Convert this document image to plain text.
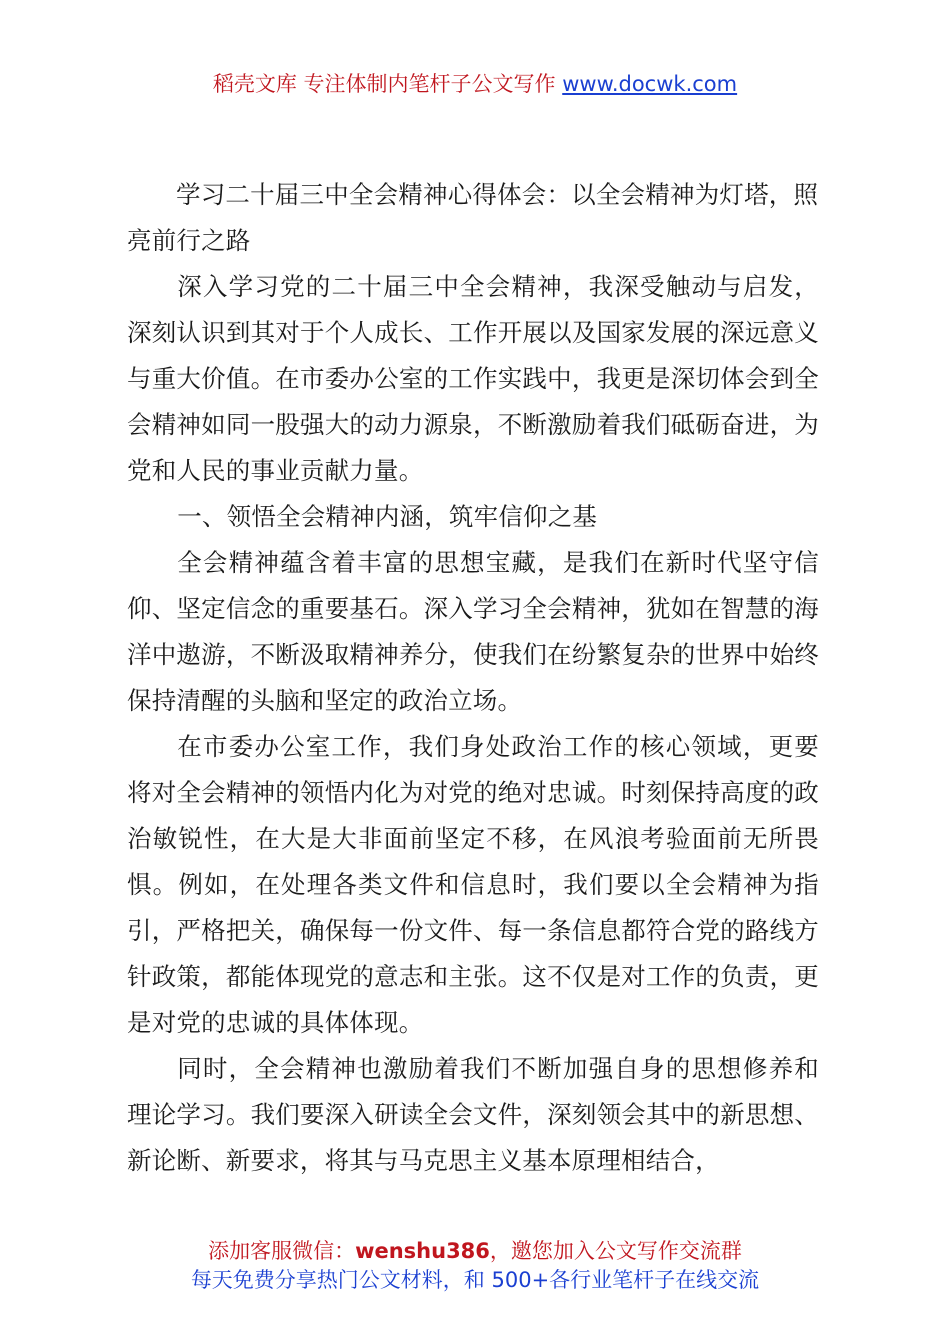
稻壳文库 专注体制内笔杆子公文写作 www.docwk.com

学习二十届三中全会精神心得体会：以全会精神为灯塔，照亮前行之路

深入学习党的二十届三中全会精神，我深受触动与启发，深刻认识到其对于个人成长、工作开展以及国家发展的深远意义与重大价值。在市委办公室的工作实践中，我更是深切体会到全会精神如同一股强大的动力源泉，不断激励着我们砥砺奋进，为党和人民的事业贡献力量。

一、领悟全会精神内涵，筑牢信仰之基

全会精神蕴含着丰富的思想宝藏，是我们在新时代坚守信仰、坚定信念的重要基石。深入学习全会精神，犹如在智慧的海洋中遨游，不断汲取精神养分，使我们在纷繁复杂的世界中始终保持清醒的头脑和坚定的政治立场。

在市委办公室工作，我们身处政治工作的核心领域，更要将对全会精神的领悟内化为对党的绝对忠诚。时刻保持高度的政治敏锐性，在大是大非面前坚定不移，在风浪考验面前无所畏惧。例如，在处理各类文件和信息时，我们要以全会精神为指引，严格把关，确保每一份文件、每一条信息都符合党的路线方针政策，都能体现党的意志和主张。这不仅是对工作的负责，更是对党的忠诚的具体体现。

同时，全会精神也激励着我们不断加强自身的思想修养和理论学习。我们要深入研读全会文件，深刻领会其中的新思想、新论断、新要求，将其与马克思主义基本原理相结合，

添加客服微信：wenshu386，邀您加入公文写作交流群
每天免费分享热门公文材料，和 500+各行业笔杆子在线交流
